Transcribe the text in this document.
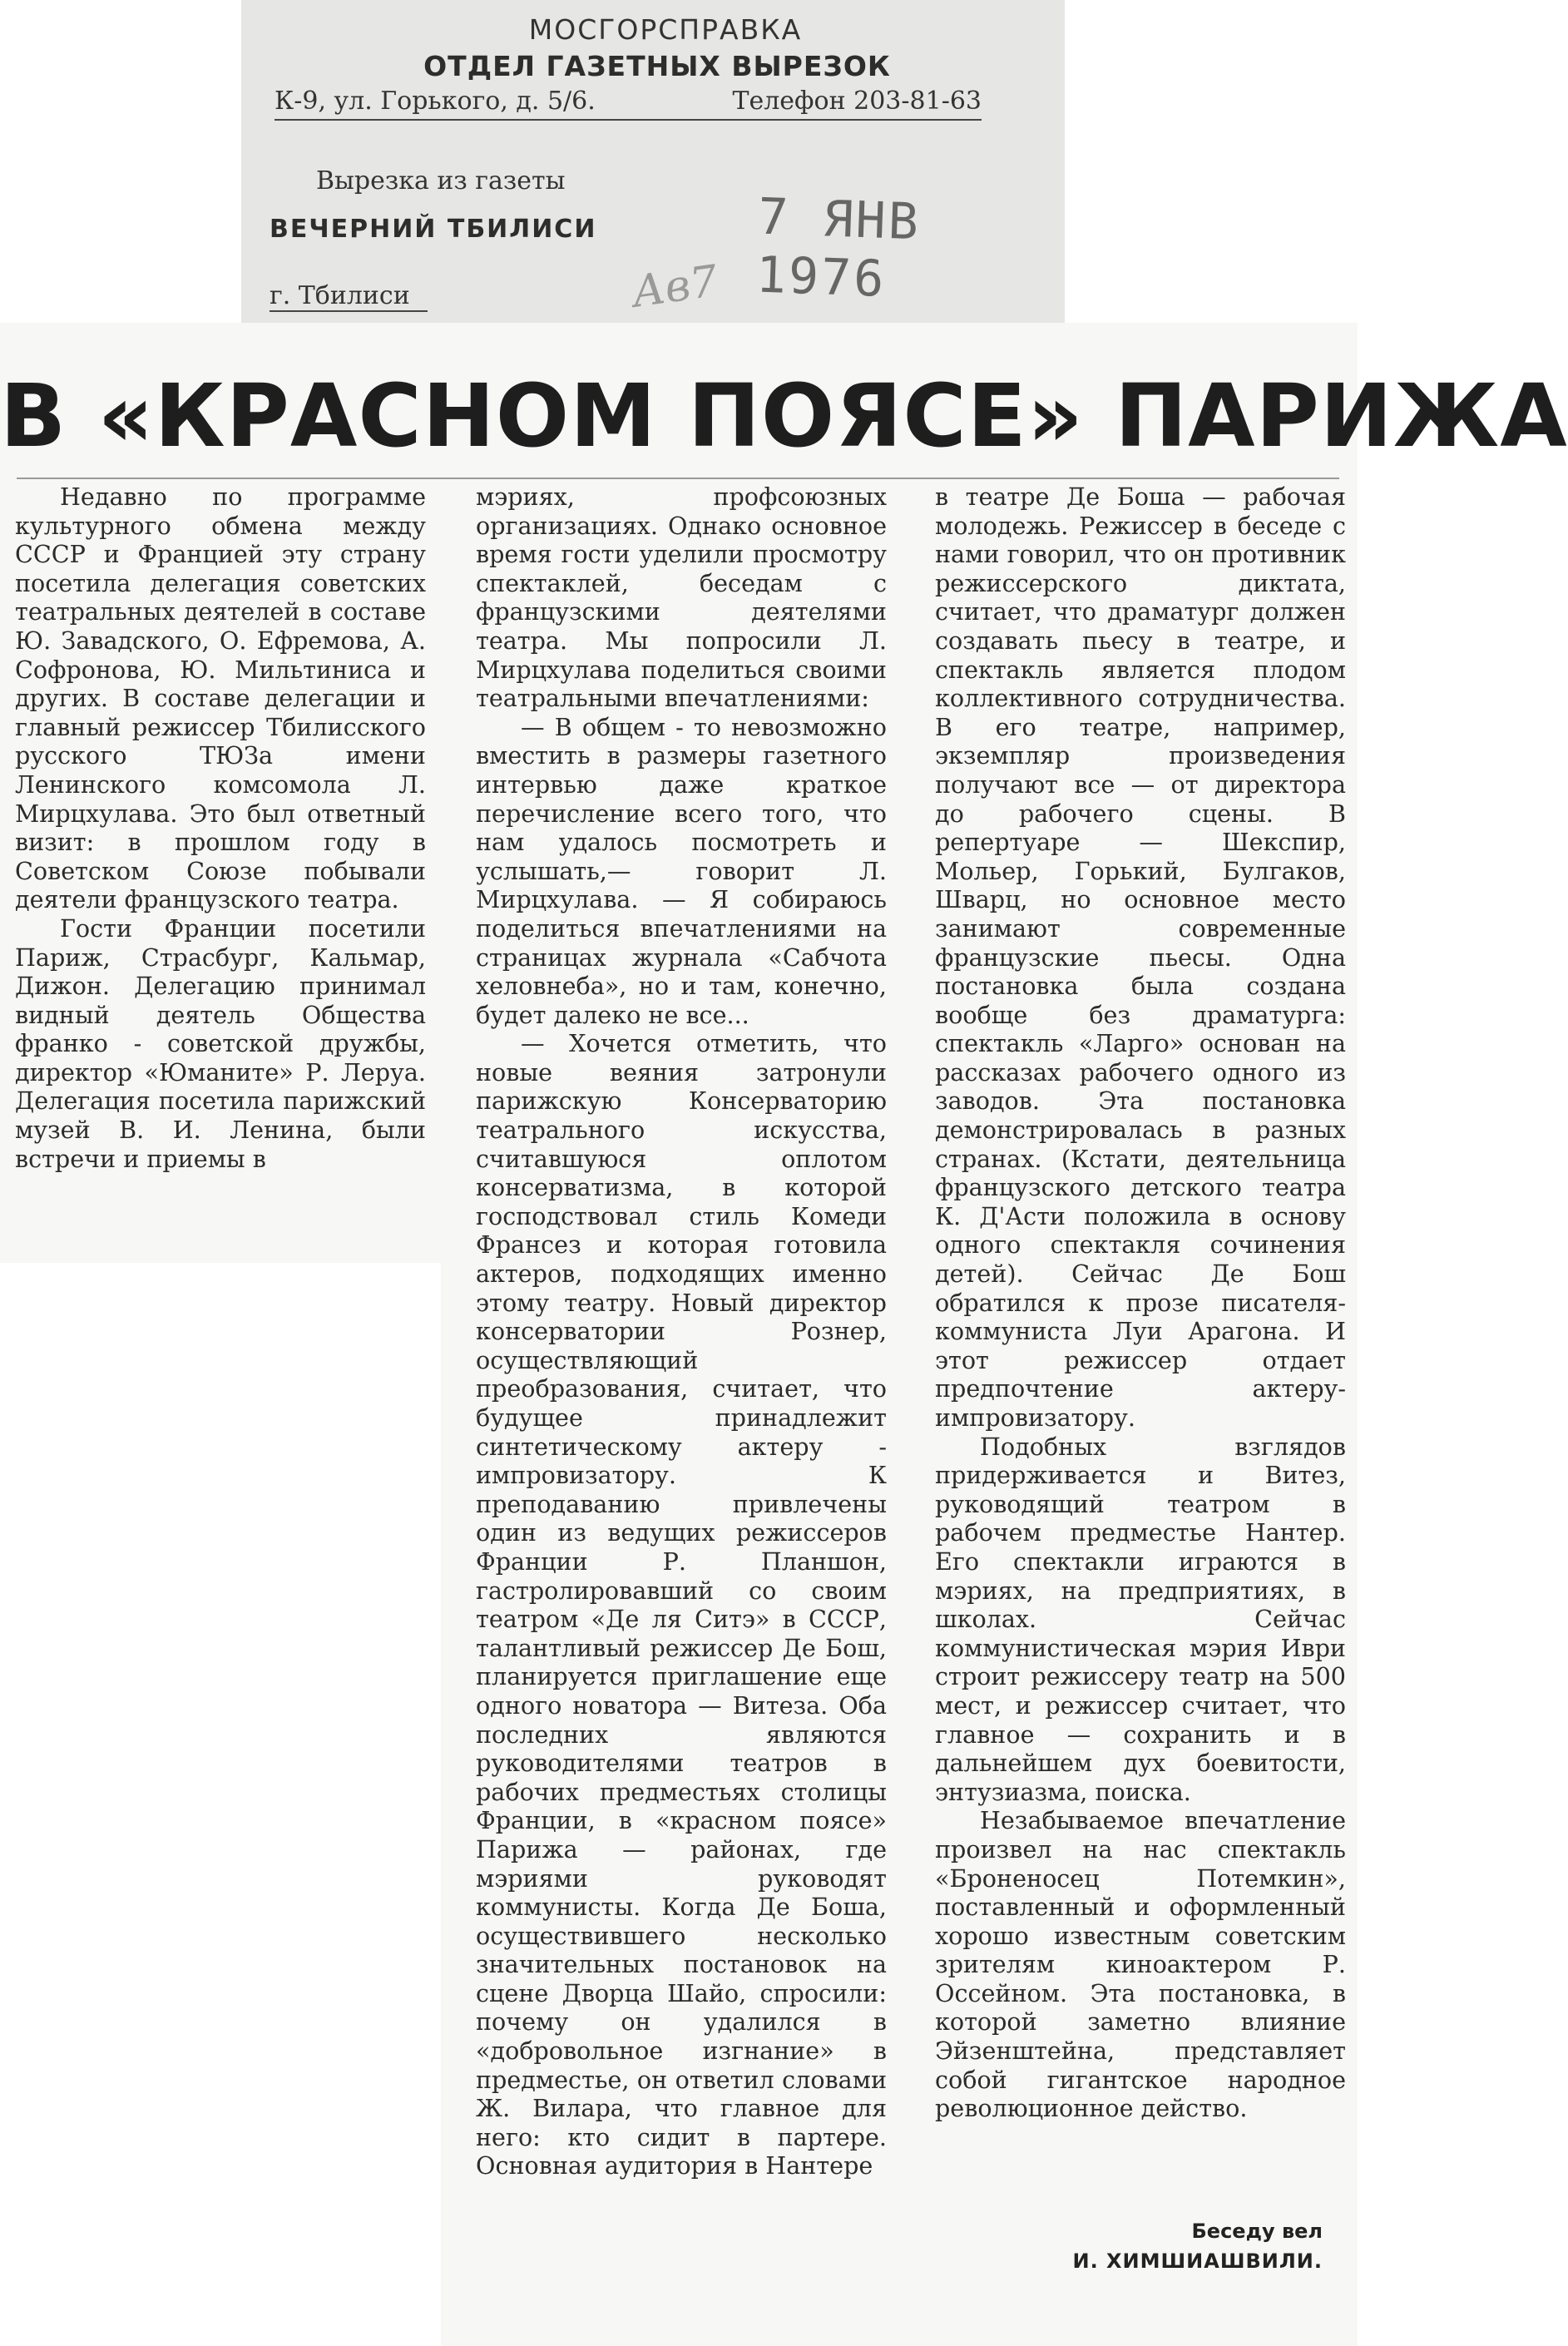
МОСГОРСПРАВКА
ОТДЕЛ ГАЗЕТНЫХ ВЫРЕЗОК
К-9, ул. Горького, д. 5/6.	Телефон 203-81-63
Вырезка из газеты
ВЕЧЕРНИЙ ТБИЛИСИ	7 ЯНВ 1976
г. Тбилиси	Ав7
В «КРАСНОМ ПОЯСЕ» ПАРИЖА

Недавно по программе культурного обмена между СССР и Францией эту страну посетила делегация советских театральных деятелей в составе Ю. Завадского, О. Ефремова, А. Софронова, Ю. Мильтиниса и других. В составе делегации и главный режиссер Тбилисского русского ТЮЗа имени Ленинского комсомола Л. Мирцхулава. Это был ответный визит: в прошлом году в Советском Союзе побывали деятели французского театра.

Гости Франции посетили Париж, Страсбург, Кальмар, Дижон. Делегацию принимал видный деятель Общества франко - советской дружбы, директор «Юманите» Р. Леруа. Делегация посетила парижский музей В. И. Ленина, были встречи и приемы в

мэриях, профсоюзных организациях. Однако основное время гости уделили просмотру спектаклей, беседам с французскими деятелями театра. Мы попросили Л. Мирцхулава поделиться своими театральными впечатлениями:

— В общем - то невозможно вместить в размеры газетного интервью даже краткое перечисление всего того, что нам удалось посмотреть и услышать,— говорит Л. Мирцхулава. — Я собираюсь поделиться впечатлениями на страницах журнала «Сабчота хеловнеба», но и там, конечно, будет далеко не все...

— Хочется отметить, что новые веяния затронули парижскую Консерваторию театрального искусства, считавшуюся оплотом консерватизма, в которой господствовал стиль Комеди Франсез и которая готовила актеров, подходящих именно этому театру. Новый директор консерватории Рознер, осуществляющий преобразования, считает, что будущее принадлежит синтетическому актеру - импровизатору. К преподаванию привлечены один из ведущих режиссеров Франции Р. Планшон, гастролировавший со своим театром «Де ля Ситэ» в СССР, талантливый режиссер Де Бош, планируется приглашение еще одного новатора — Витеза. Оба последних являются руководителями театров в рабочих предместьях столицы Франции, в «красном поясе» Парижа — районах, где мэриями руководят коммунисты. Когда Де Боша, осуществившего несколько значительных постановок на сцене Дворца Шайо, спросили: почему он удалился в «добровольное изгнание» в предместье, он ответил словами Ж. Вилара, что главное для него: кто сидит в партере. Основная аудитория в Нантере

в театре Де Боша — рабочая молодежь. Режиссер в беседе с нами говорил, что он противник режиссерского диктата, считает, что драматург должен создавать пьесу в театре, и спектакль является плодом коллективного сотрудничества. В его театре, например, экземпляр произведения получают все — от директора до рабочего сцены. В репертуаре — Шекспир, Мольер, Горький, Булгаков, Шварц, но основное место занимают современные французские пьесы. Одна постановка была создана вообще без драматурга: спектакль «Ларго» основан на рассказах рабочего одного из заводов. Эта постановка демонстрировалась в разных странах. (Кстати, деятельница французского детского театра К. Д'Асти положила в основу одного спектакля сочинения детей). Сейчас Де Бош обратился к прозе писателя-коммуниста Луи Арагона. И этот режиссер отдает предпочтение актеру-импровизатору.

Подобных взглядов придерживается и Витез, руководящий театром в рабочем предместье Нантер. Его спектакли играются в мэриях, на предприятиях, в школах. Сейчас коммунистическая мэрия Иври строит режиссеру театр на 500 мест, и режиссер считает, что главное — сохранить и в дальнейшем дух боевитости, энтузиазма, поиска.

Незабываемое впечатление произвел на нас спектакль «Броненосец Потемкин», поставленный и оформленный хорошо известным советским зрителям киноактером Р. Оссейном. Эта постановка, в которой заметно влияние Эйзенштейна, представляет собой гигантское народное революционное действо.

Беседу вел
И. ХИМШИАШВИЛИ.
